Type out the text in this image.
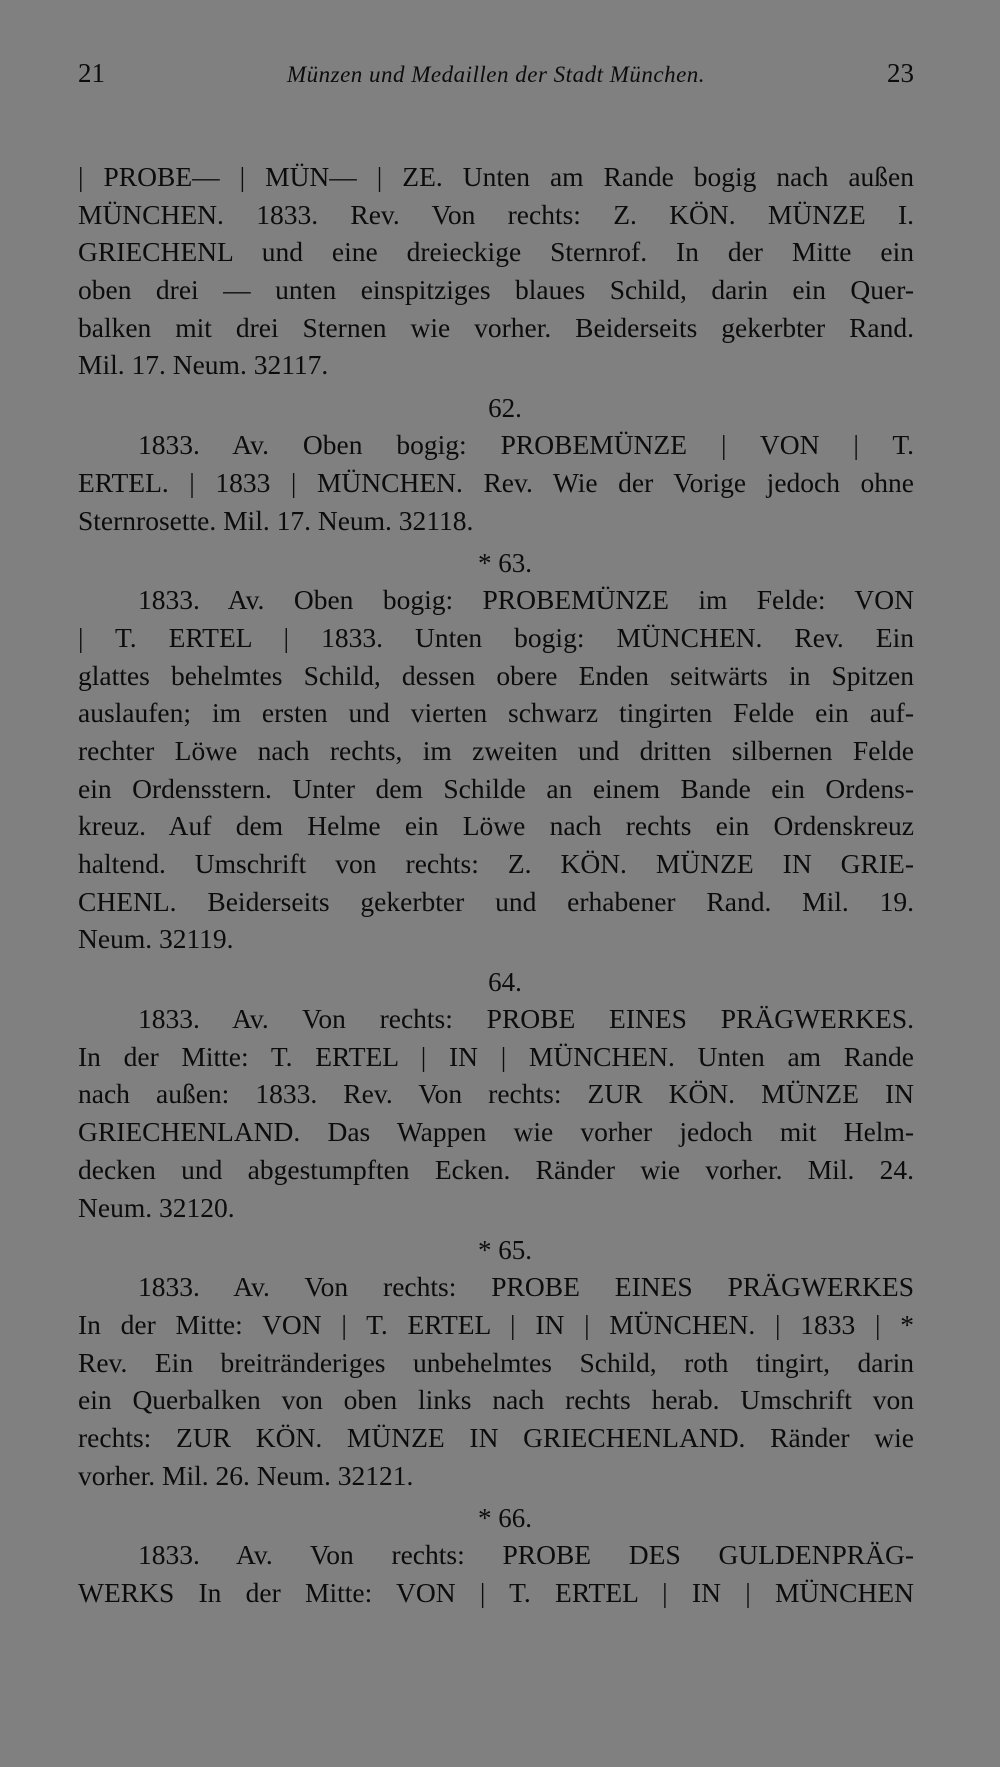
21	Münzen und Medaillen der Stadt München.	23
| PROBE— | MÜN— | ZE. Unten am Rande bogig nach außen
MÜNCHEN. 1833. Rev. Von rechts: Z. KÖN. MÜNZE I.
GRIECHENL und eine dreieckige Sternrof. In der Mitte ein
oben drei — unten einspitziges blaues Schild, darin ein Quer-
balken mit drei Sternen wie vorher. Beiderseits gekerbter Rand.
Mil. 17. Neum. 32117.
62.
1833. Av. Oben bogig: PROBEMÜNZE | VON | T.
ERTEL. | 1833 | MÜNCHEN. Rev. Wie der Vorige jedoch ohne
Sternrosette. Mil. 17. Neum. 32118.
* 63.
1833. Av. Oben bogig: PROBEMÜNZE im Felde: VON
| T. ERTEL | 1833. Unten bogig: MÜNCHEN. Rev. Ein
glattes behelmtes Schild, dessen obere Enden seitwärts in Spitzen
auslaufen; im ersten und vierten schwarz tingirten Felde ein auf-
rechter Löwe nach rechts, im zweiten und dritten silbernen Felde
ein Ordensstern. Unter dem Schilde an einem Bande ein Ordens-
kreuz. Auf dem Helme ein Löwe nach rechts ein Ordenskreuz
haltend. Umschrift von rechts: Z. KÖN. MÜNZE IN GRIE-
CHENL. Beiderseits gekerbter und erhabener Rand. Mil. 19.
Neum. 32119.
64.
1833. Av. Von rechts: PROBE EINES PRÄGWERKES.
In der Mitte: T. ERTEL | IN | MÜNCHEN. Unten am Rande
nach außen: 1833. Rev. Von rechts: ZUR KÖN. MÜNZE IN
GRIECHENLAND. Das Wappen wie vorher jedoch mit Helm-
decken und abgestumpften Ecken. Ränder wie vorher. Mil. 24.
Neum. 32120.
* 65.
1833. Av. Von rechts: PROBE EINES PRÄGWERKES
In der Mitte: VON | T. ERTEL | IN | MÜNCHEN. | 1833 | *
Rev. Ein breitränderiges unbehelmtes Schild, roth tingirt, darin
ein Querbalken von oben links nach rechts herab. Umschrift von
rechts: ZUR KÖN. MÜNZE IN GRIECHENLAND. Ränder wie
vorher. Mil. 26. Neum. 32121.
* 66.
1833. Av. Von rechts: PROBE DES GULDENPRÄG-
WERKS In der Mitte: VON | T. ERTEL | IN | MÜNCHEN
